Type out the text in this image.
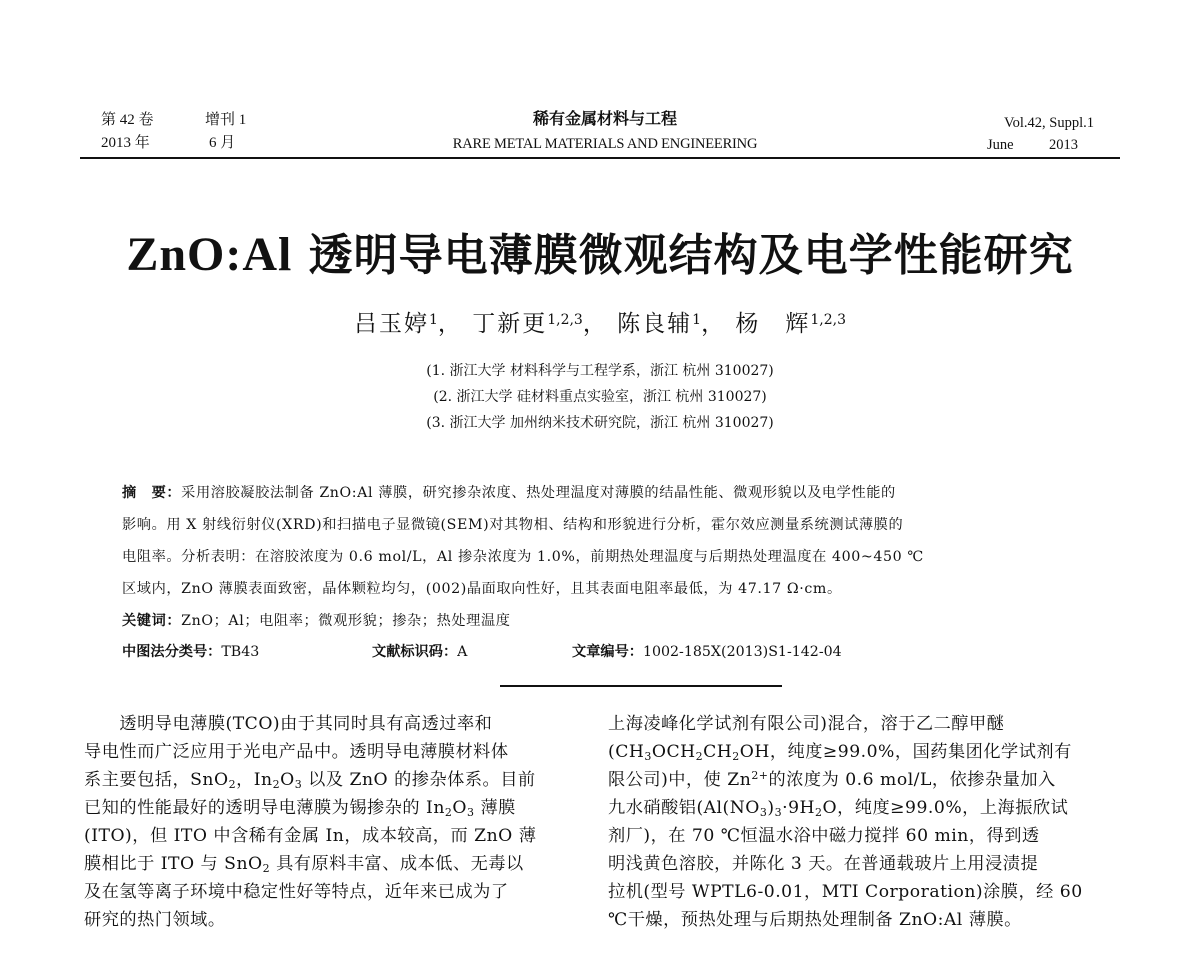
第 42 卷	增刊 1
2013 年	6 月
稀有金属材料与工程
RARE METAL MATERIALS AND ENGINEERING
Vol.42, Suppl.1
June 2013
ZnO:Al 透明导电薄膜微观结构及电学性能研究
吕玉婷$^1$， 丁新更$^{1,2,3}$， 陈良辅$^1$， 杨　辉$^{1,2,3}$
(1. 浙江大学 材料科学与工程学系，浙江 杭州 310027)
(2. 浙江大学 硅材料重点实验室，浙江 杭州 310027)
(3. 浙江大学 加州纳米技术研究院，浙江 杭州 310027)
摘　要：采用溶胶凝胶法制备 ZnO:Al 薄膜，研究掺杂浓度、热处理温度对薄膜的结晶性能、微观形貌以及电学性能的
影响。用 X 射线衍射仪(XRD)和扫描电子显微镜(SEM)对其物相、结构和形貌进行分析，霍尔效应测量系统测试薄膜的
电阻率。分析表明：在溶胶浓度为 0.6 mol/L，Al 掺杂浓度为 1.0%，前期热处理温度与后期热处理温度在 400~450 ℃
区域内，ZnO 薄膜表面致密，晶体颗粒均匀，(002)晶面取向性好，且其表面电阻率最低，为 47.17 Ω·cm。
关键词：ZnO；Al；电阻率；微观形貌；掺杂；热处理温度
中图法分类号：TB43	文献标识码：A	文章编号：1002-185X(2013)S1-142-04
　　透明导电薄膜(TCO)由于其同时具有高透过率和
导电性而广泛应用于光电产品中。透明导电薄膜材料体
系主要包括，SnO$_2$，$In_2O_3$ 以及 ZnO 的掺杂体系。目前
已知的性能最好的透明导电薄膜为锡掺杂的 $In_2O_3$ 薄膜
(ITO)，但 ITO 中含稀有金属 In，成本较高，而 ZnO 薄
膜相比于 ITO 与 SnO$_2$ 具有原料丰富、成本低、无毒以
及在氢等离子环境中稳定性好等特点，近年来已成为了
研究的热门领域。
上海凌峰化学试剂有限公司)混合，溶于乙二醇甲醚
($CH_3OCH_2CH_2OH$，纯度≥99.0%，国药集团化学试剂有
限公司)中，使 $Zn^{2+}$的浓度为 0.6 mol/L，依掺杂量加入
九水硝酸铝($Al(NO_3)_3\cdot 9H_2O$，纯度≥99.0%，上海振欣试
剂厂)，在 70 ℃恒温水浴中磁力搅拌 60 min，得到透
明浅黄色溶胶，并陈化 3 天。在普通载玻片上用浸渍提
拉机(型号 WPTL6-0.01，MTI Corporation)涂膜，经 60
℃干燥，预热处理与后期热处理制备 ZnO:Al 薄膜。
